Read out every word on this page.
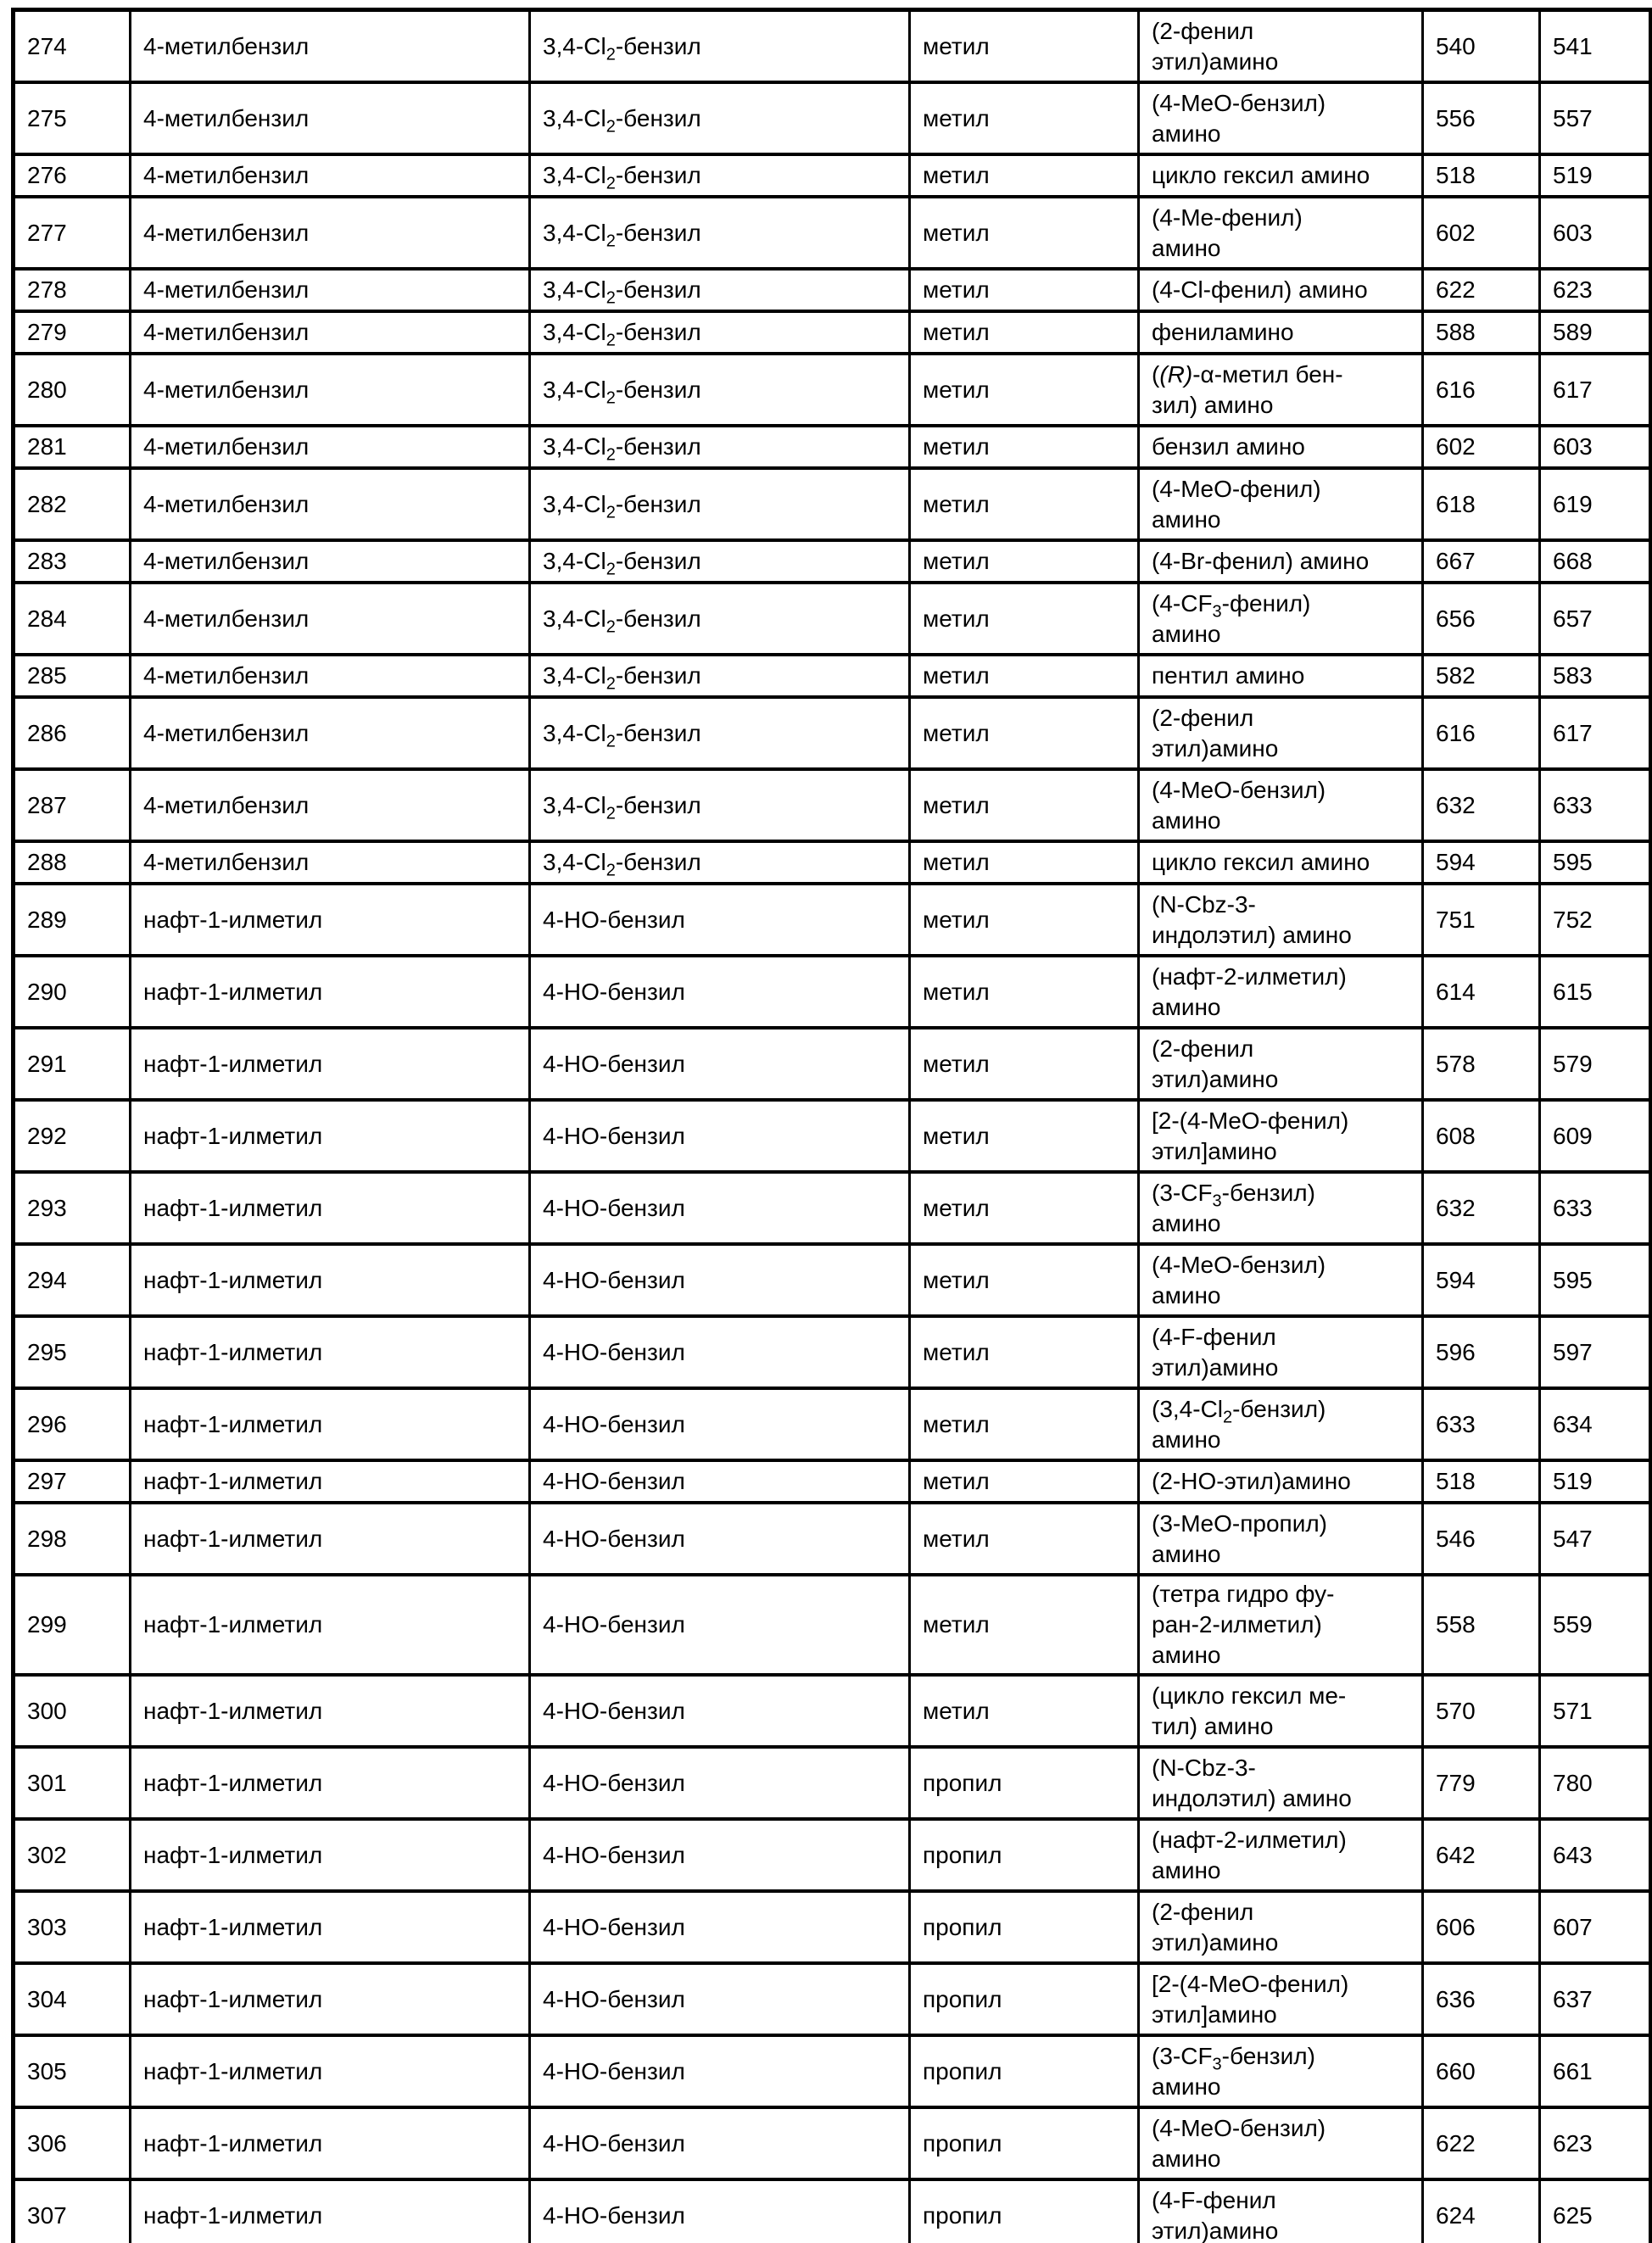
274	4-метилбензил	$3,4-Cl_2$-бензил	метил	(2-фенил
этил)амино	540	541
275	4-метилбензил	$3,4-Cl_2$-бензил	метил	(4-MeO-бензил)
амино	556	557
276	4-метилбензил	$3,4-Cl_2$-бензил	метил	цикло гексил амино	518	519
277	4-метилбензил	$3,4-Cl_2$-бензил	метил	(4-Me-фенил)
амино	602	603
278	4-метилбензил	$3,4-Cl_2$-бензил	метил	(4-Cl-фенил) амино	622	623
279	4-метилбензил	$3,4-Cl_2$-бензил	метил	фениламино	588	589
280	4-метилбензил	$3,4-Cl_2$-бензил	метил	((R)-α-метил бен-
зил) амино	616	617
281	4-метилбензил	$3,4-Cl_2$-бензил	метил	бензил амино	602	603
282	4-метилбензил	$3,4-Cl_2$-бензил	метил	(4-MeO-фенил)
амино	618	619
283	4-метилбензил	$3,4-Cl_2$-бензил	метил	(4-Br-фенил) амино	667	668
284	4-метилбензил	$3,4-Cl_2$-бензил	метил	$(4-CF_3-фенил)$
амино	656	657
285	4-метилбензил	$3,4-Cl_2$-бензил	метил	пентил амино	582	583
286	4-метилбензил	$3,4-Cl_2$-бензил	метил	(2-фенил
этил)амино	616	617
287	4-метилбензил	$3,4-Cl_2$-бензил	метил	(4-MeO-бензил)
амино	632	633
288	4-метилбензил	$3,4-Cl_2$-бензил	метил	цикло гексил амино	594	595
289	нафт-1-илметил	4-HO-бензил	метил	(N-Cbz-3-
индолэтил) амино	751	752
290	нафт-1-илметил	4-HO-бензил	метил	(нафт-2-илметил)
амино	614	615
291	нафт-1-илметил	4-HO-бензил	метил	(2-фенил
этил)амино	578	579
292	нафт-1-илметил	4-HO-бензил	метил	[2-(4-MeO-фенил)
этил]амино	608	609
293	нафт-1-илметил	4-HO-бензил	метил	$(3-CF_3-бензил)$
амино	632	633
294	нафт-1-илметил	4-HO-бензил	метил	(4-MeO-бензил)
амино	594	595
295	нафт-1-илметил	4-HO-бензил	метил	(4-F-фенил
этил)амино	596	597
296	нафт-1-илметил	4-HO-бензил	метил	$(3,4-Cl_2-бензил)$
амино	633	634
297	нафт-1-илметил	4-HO-бензил	метил	(2-HO-этил)амино	518	519
298	нафт-1-илметил	4-HO-бензил	метил	(3-MeO-пропил)
амино	546	547
299	нафт-1-илметил	4-HO-бензил	метил	(тетра гидро фу-
ран-2-илметил)
амино	558	559
300	нафт-1-илметил	4-HO-бензил	метил	(цикло гексил ме-
тил) амино	570	571
301	нафт-1-илметил	4-HO-бензил	пропил	(N-Cbz-3-
индолэтил) амино	779	780
302	нафт-1-илметил	4-HO-бензил	пропил	(нафт-2-илметил)
амино	642	643
303	нафт-1-илметил	4-HO-бензил	пропил	(2-фенил
этил)амино	606	607
304	нафт-1-илметил	4-HO-бензил	пропил	[2-(4-MeO-фенил)
этил]амино	636	637
305	нафт-1-илметил	4-HO-бензил	пропил	$(3-CF_3-бензил)$
амино	660	661
306	нафт-1-илметил	4-HO-бензил	пропил	(4-MeO-бензил)
амино	622	623
307	нафт-1-илметил	4-HO-бензил	пропил	(4-F-фенил
этил)амино	624	625
